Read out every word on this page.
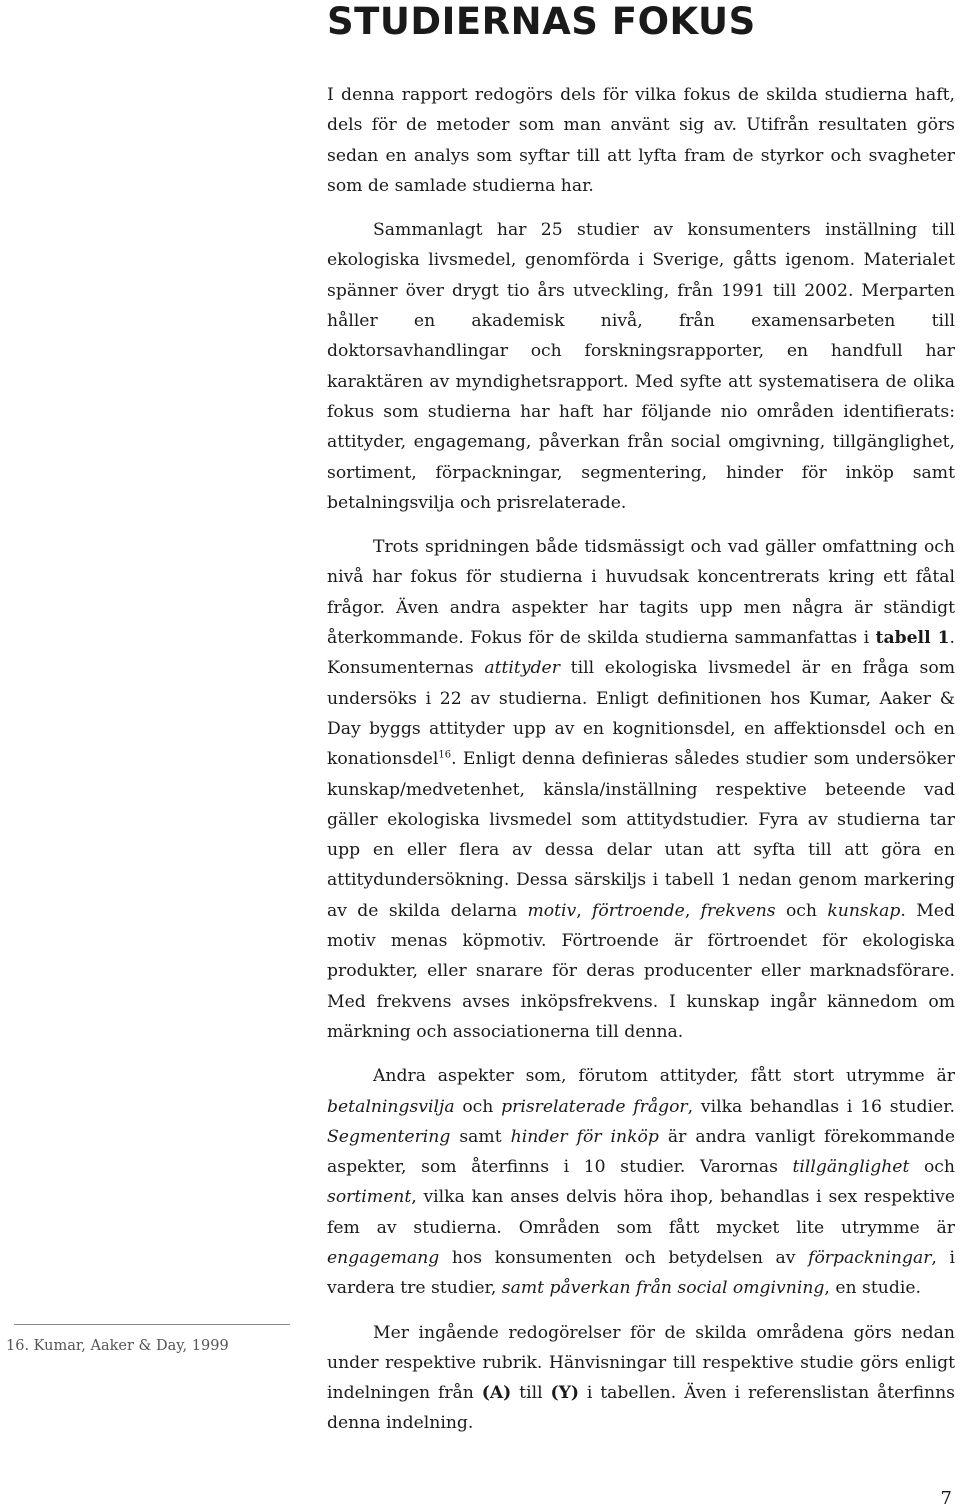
STUDIERNAS FOKUS

I denna rapport redogörs dels för vilka fokus de skilda studierna haft, dels för de metoder som man använt sig av. Utifrån resultaten görs sedan en analys som syftar till att lyfta fram de styrkor och svagheter som de samlade studierna har.

Sammanlagt har 25 studier av konsumenters inställning till ekologiska livsmedel, genomförda i Sverige, gåtts igenom. Materialet spänner över drygt tio års utveckling, från 1991 till 2002. Merparten håller en akademisk nivå, från examensarbeten till doktorsavhandlingar och forskningsrapporter, en handfull har karaktären av myndighetsrapport. Med syfte att systematisera de olika fokus som studierna har haft har följande nio områden identifierats: attityder, engagemang, påverkan från social omgivning, tillgänglighet, sortiment, förpackningar, segmentering, hinder för inköp samt betalningsvilja och prisrelaterade.

Trots spridningen både tidsmässigt och vad gäller omfattning och nivå har fokus för studierna i huvudsak koncentrerats kring ett fåtal frågor. Även andra aspekter har tagits upp men några är ständigt återkommande. Fokus för de skilda studierna sammanfattas i tabell 1. Konsumenternas attityder till ekologiska livsmedel är en fråga som undersöks i 22 av studierna. Enligt definitionen hos Kumar, Aaker & Day byggs attityder upp av en kognitionsdel, en affektionsdel och en konationsdel$^{16}$. Enligt denna definieras således studier som undersöker kunskap/medvetenhet, känsla/inställning respektive beteende vad gäller ekologiska livsmedel som attitydstudier. Fyra av studierna tar upp en eller flera av dessa delar utan att syfta till att göra en attitydundersökning. Dessa särskiljs i tabell 1 nedan genom markering av de skilda delarna motiv, förtroende, frekvens och kunskap. Med motiv menas köpmotiv. Förtroende är förtroendet för ekologiska produkter, eller snarare för deras producenter eller marknadsförare. Med frekvens avses inköpsfrekvens. I kunskap ingår kännedom om märkning och associationerna till denna.

Andra aspekter som, förutom attityder, fått stort utrymme är betalningsvilja och prisrelaterade frågor, vilka behandlas i 16 studier. Segmentering samt hinder för inköp är andra vanligt förekommande aspekter, som återfinns i 10 studier. Varornas tillgänglighet och sortiment, vilka kan anses delvis höra ihop, behandlas i sex respektive fem av studierna. Områden som fått mycket lite utrymme är engagemang hos konsumenten och betydelsen av förpackningar, i vardera tre studier, samt påverkan från social omgivning, en studie.

Mer ingående redogörelser för de skilda områdena görs nedan under respektive rubrik. Hänvisningar till respektive studie görs enligt indelningen från (A) till (Y) i tabellen. Även i referenslistan återfinns denna indelning.

16. Kumar, Aaker & Day, 1999
7
